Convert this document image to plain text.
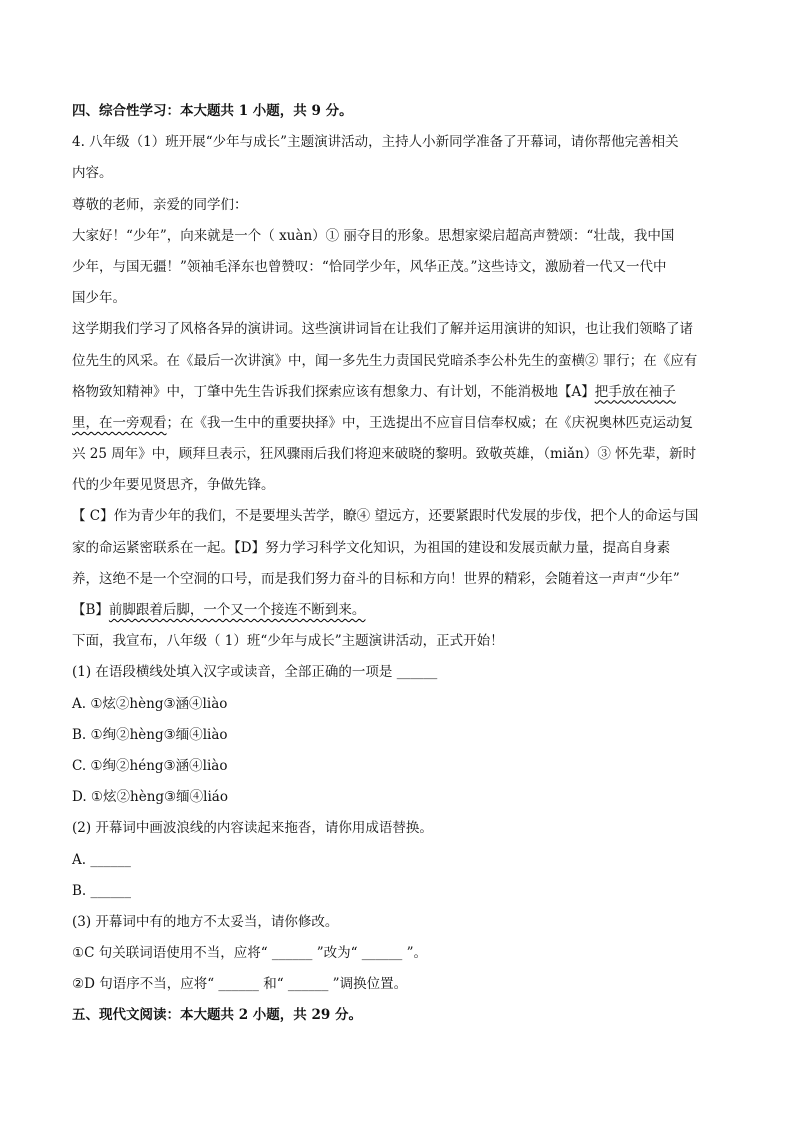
四、综合性学习：本大题共 1 小题，共 9 分。
4. 八年级（1）班开展“少年与成长”主题演讲活动，主持人小新同学准备了开幕词，请你帮他完善相关
内容。
尊敬的老师，亲爱的同学们：
大家好！“少年”，向来就是一个（ xuàn）① 丽夺目的形象。思想家梁启超高声赞颂：“壮哉，我中国
少年，与国无疆！”领袖毛泽东也曾赞叹：“恰同学少年，风华正茂。”这些诗文，激励着一代又一代中
国少年。
这学期我们学习了风格各异的演讲词。这些演讲词旨在让我们了解并运用演讲的知识，也让我们领略了诸
位先生的风采。在《最后一次讲演》中，闻一多先生力责国民党暗杀李公朴先生的蛮横② 罪行；在《应有
格物致知精神》中，丁肇中先生告诉我们探索应该有想象力、有计划，不能消极地【A】把手放在袖子
里，在一旁观看；在《我一生中的重要抉择》中，王选提出不应盲目信奉权威；在《庆祝奥林匹克运动复
兴 25 周年》中，顾拜旦表示，狂风骤雨后我们将迎来破晓的黎明。致敬英雄，（miǎn）③ 怀先辈，新时
代的少年要见贤思齐，争做先锋。
【 C】作为青少年的我们，不是要埋头苦学，瞭④ 望远方，还要紧跟时代发展的步伐，把个人的命运与国
家的命运紧密联系在一起。【D】努力学习科学文化知识，为祖国的建设和发展贡献力量，提高自身素
养，这绝不是一个空洞的口号，而是我们努力奋斗的目标和方向！世界的精彩，会随着这一声声“少年”
【B】前脚跟着后脚，一个又一个接连不断到来。
下面，我宣布，八年级（ 1）班“少年与成长”主题演讲活动，正式开始！
(1) 在语段横线处填入汉字或读音，全部正确的一项是 ______
A. ①炫②hèng③涵④liào
B. ①绚②hèng③缅④liào
C. ①绚②héng③涵④liào
D. ①炫②hèng③缅④liáo
(2) 开幕词中画波浪线的内容读起来拖沓，请你用成语替换。
A. ______
B. ______
(3) 开幕词中有的地方不太妥当，请你修改。
①C 句关联词语使用不当，应将“ ______ ”改为“ ______ ”。
②D 句语序不当，应将“ ______ 和“ ______ ”调换位置。
五、现代文阅读：本大题共 2 小题，共 29 分。
